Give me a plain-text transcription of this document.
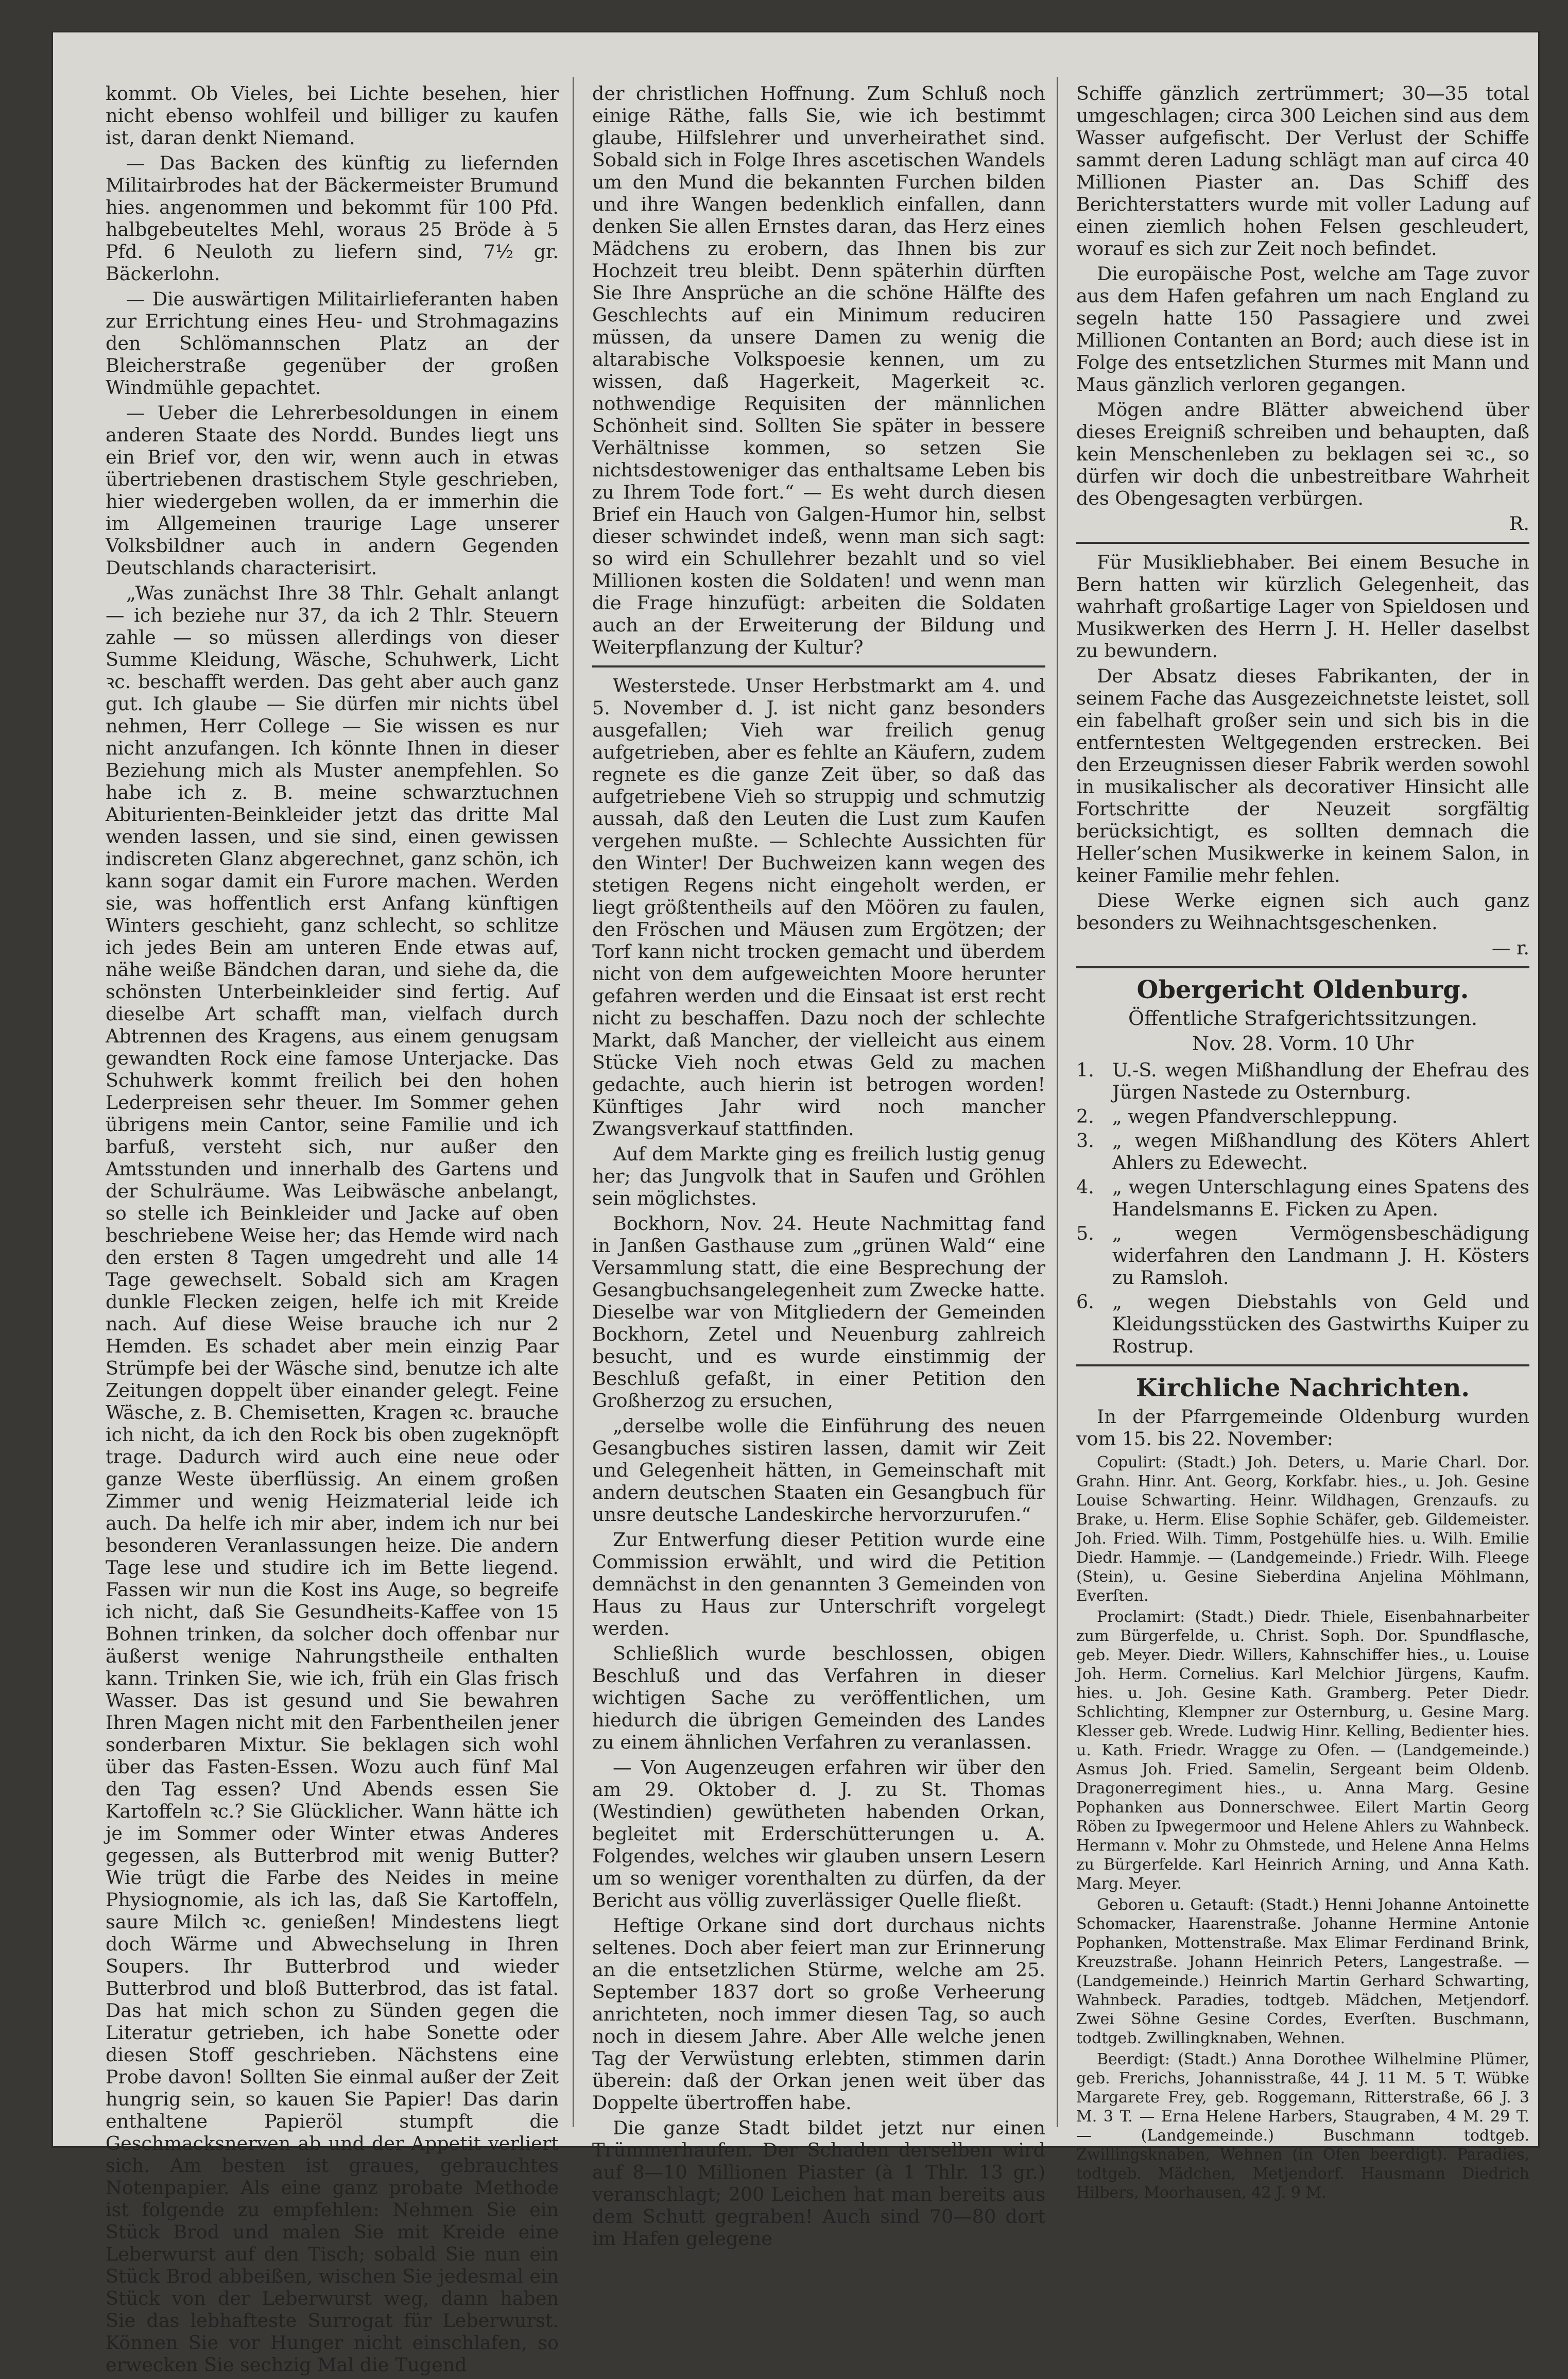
kommt. Ob Vieles, bei Lichte besehen, hier nicht ebenso wohlfeil und billiger zu kaufen ist, daran denkt Niemand.

— Das Backen des künftig zu liefernden Militairbrodes hat der Bäckermeister Brumund hies. angenommen und bekommt für 100 Pfd. halbgebeuteltes Mehl, woraus 25 Bröde à 5 Pfd. 6 Neuloth zu liefern sind, 7½ gr. Bäckerlohn.

— Die auswärtigen Militairlieferanten haben zur Errichtung eines Heu- und Strohmagazins den Schlömannschen Platz an der Bleicherstraße gegenüber der großen Windmühle gepachtet.

— Ueber die Lehrerbesoldungen in einem anderen Staate des Nordd. Bundes liegt uns ein Brief vor, den wir, wenn auch in etwas übertriebenen drastischem Style geschrieben, hier wiedergeben wollen, da er immerhin die im Allgemeinen traurige Lage unserer Volksbildner auch in andern Gegenden Deutschlands characterisirt.

„Was zunächst Ihre 38 Thlr. Gehalt anlangt — ich beziehe nur 37, da ich 2 Thlr. Steuern zahle — so müssen allerdings von dieser Summe Kleidung, Wäsche, Schuhwerk, Licht ꝛc. beschafft werden. Das geht aber auch ganz gut. Ich glaube — Sie dürfen mir nichts übel nehmen, Herr College — Sie wissen es nur nicht anzufangen. Ich könnte Ihnen in dieser Beziehung mich als Muster anempfehlen. So habe ich z. B. meine schwarztuchnen Abiturienten-Beinkleider jetzt das dritte Mal wenden lassen, und sie sind, einen gewissen indiscreten Glanz abgerechnet, ganz schön, ich kann sogar damit ein Furore machen. Werden sie, was hoffentlich erst Anfang künftigen Winters geschieht, ganz schlecht, so schlitze ich jedes Bein am unteren Ende etwas auf, nähe weiße Bändchen daran, und siehe da, die schönsten Unterbeinkleider sind fertig. Auf dieselbe Art schafft man, vielfach durch Abtrennen des Kragens, aus einem genugsam gewandten Rock eine famose Unterjacke. Das Schuhwerk kommt freilich bei den hohen Lederpreisen sehr theuer. Im Sommer gehen übrigens mein Cantor, seine Familie und ich barfuß, versteht sich, nur außer den Amtsstunden und innerhalb des Gartens und der Schulräume. Was Leibwäsche anbelangt, so stelle ich Beinkleider und Jacke auf oben beschriebene Weise her; das Hemde wird nach den ersten 8 Tagen umgedreht und alle 14 Tage gewechselt. Sobald sich am Kragen dunkle Flecken zeigen, helfe ich mit Kreide nach. Auf diese Weise brauche ich nur 2 Hemden. Es schadet aber mein einzig Paar Strümpfe bei der Wäsche sind, benutze ich alte Zeitungen doppelt über einander gelegt. Feine Wäsche, z. B. Chemisetten, Kragen ꝛc. brauche ich nicht, da ich den Rock bis oben zugeknöpft trage. Dadurch wird auch eine neue oder ganze Weste überflüssig. An einem großen Zimmer und wenig Heizmaterial leide ich auch. Da helfe ich mir aber, indem ich nur bei besonderen Veranlassungen heize. Die andern Tage lese und studire ich im Bette liegend. Fassen wir nun die Kost ins Auge, so begreife ich nicht, daß Sie Gesundheits-Kaffee von 15 Bohnen trinken, da solcher doch offenbar nur äußerst wenige Nahrungstheile enthalten kann. Trinken Sie, wie ich, früh ein Glas frisch Wasser. Das ist gesund und Sie bewahren Ihren Magen nicht mit den Farbentheilen jener sonderbaren Mixtur. Sie beklagen sich wohl über das Fasten-Essen. Wozu auch fünf Mal den Tag essen? Und Abends essen Sie Kartoffeln ꝛc.? Sie Glücklicher. Wann hätte ich je im Sommer oder Winter etwas Anderes gegessen, als Butterbrod mit wenig Butter? Wie trügt die Farbe des Neides in meine Physiognomie, als ich las, daß Sie Kartoffeln, saure Milch ꝛc. genießen! Mindestens liegt doch Wärme und Abwechselung in Ihren Soupers. Ihr Butterbrod und wieder Butterbrod und bloß Butterbrod, das ist fatal. Das hat mich schon zu Sünden gegen die Literatur getrieben, ich habe Sonette oder diesen Stoff geschrieben. Nächstens eine Probe davon! Sollten Sie einmal außer der Zeit hungrig sein, so kauen Sie Papier! Das darin enthaltene Papieröl stumpft die Geschmacksnerven ab und der Appetit verliert sich. Am besten ist graues, gebrauchtes Notenpapier. Als eine ganz probate Methode ist folgende zu empfehlen: Nehmen Sie ein Stück Brod und malen Sie mit Kreide eine Leberwurst auf den Tisch; sobald Sie nun ein Stück Brod abbeißen, wischen Sie jedesmal ein Stück von der Leberwurst weg, dann haben Sie das lebhafteste Surrogat für Leberwurst. Können Sie vor Hunger nicht einschlafen, so erwecken Sie sechzig Mal die Tugend

der christlichen Hoffnung. Zum Schluß noch einige Räthe, falls Sie, wie ich bestimmt glaube, Hilfslehrer und unverheirathet sind. Sobald sich in Folge Ihres ascetischen Wandels um den Mund die bekannten Furchen bilden und ihre Wangen bedenklich einfallen, dann denken Sie allen Ernstes daran, das Herz eines Mädchens zu erobern, das Ihnen bis zur Hochzeit treu bleibt. Denn späterhin dürften Sie Ihre Ansprüche an die schöne Hälfte des Geschlechts auf ein Minimum reduciren müssen, da unsere Damen zu wenig die altarabische Volkspoesie kennen, um zu wissen, daß Hagerkeit, Magerkeit ꝛc. nothwendige Requisiten der männlichen Schönheit sind. Sollten Sie später in bessere Verhältnisse kommen, so setzen Sie nichtsdestoweniger das enthaltsame Leben bis zu Ihrem Tode fort.“ — Es weht durch diesen Brief ein Hauch von Galgen-Humor hin, selbst dieser schwindet indeß, wenn man sich sagt: so wird ein Schullehrer bezahlt und so viel Millionen kosten die Soldaten! und wenn man die Frage hinzufügt: arbeiten die Soldaten auch an der Erweiterung der Bildung und Weiterpflanzung der Kultur?

Westerstede. Unser Herbstmarkt am 4. und 5. November d. J. ist nicht ganz besonders ausgefallen; Vieh war freilich genug aufgetrieben, aber es fehlte an Käufern, zudem regnete es die ganze Zeit über, so daß das aufgetriebene Vieh so struppig und schmutzig aussah, daß den Leuten die Lust zum Kaufen vergehen mußte. — Schlechte Aussichten für den Winter! Der Buchweizen kann wegen des stetigen Regens nicht eingeholt werden, er liegt größtentheils auf den Möören zu faulen, den Fröschen und Mäusen zum Ergötzen; der Torf kann nicht trocken gemacht und überdem nicht von dem aufgeweichten Moore herunter gefahren werden und die Einsaat ist erst recht nicht zu beschaffen. Dazu noch der schlechte Markt, daß Mancher, der vielleicht aus einem Stücke Vieh noch etwas Geld zu machen gedachte, auch hierin ist betrogen worden! Künftiges Jahr wird noch mancher Zwangsverkauf stattfinden.

Auf dem Markte ging es freilich lustig genug her; das Jungvolk that in Saufen und Gröhlen sein möglichstes.

Bockhorn, Nov. 24. Heute Nachmittag fand in Janßen Gasthause zum „grünen Wald“ eine Versammlung statt, die eine Besprechung der Gesangbuchsangelegenheit zum Zwecke hatte. Dieselbe war von Mitgliedern der Gemeinden Bockhorn, Zetel und Neuenburg zahlreich besucht, und es wurde einstimmig der Beschluß gefaßt, in einer Petition den Großherzog zu ersuchen,

„derselbe wolle die Einführung des neuen Gesangbuches sistiren lassen, damit wir Zeit und Gelegenheit hätten, in Gemeinschaft mit andern deutschen Staaten ein Gesangbuch für unsre deutsche Landeskirche hervorzurufen.“

Zur Entwerfung dieser Petition wurde eine Commission erwählt, und wird die Petition demnächst in den genannten 3 Gemeinden von Haus zu Haus zur Unterschrift vorgelegt werden.

Schließlich wurde beschlossen, obigen Beschluß und das Verfahren in dieser wichtigen Sache zu veröffentlichen, um hiedurch die übrigen Gemeinden des Landes zu einem ähnlichen Verfahren zu veranlassen.

— Von Augenzeugen erfahren wir über den am 29. Oktober d. J. zu St. Thomas (Westindien) gewütheten habenden Orkan, begleitet mit Erderschütterungen u. A. Folgendes, welches wir glauben unsern Lesern um so weniger vorenthalten zu dürfen, da der Bericht aus völlig zuverlässiger Quelle fließt.

Heftige Orkane sind dort durchaus nichts seltenes. Doch aber feiert man zur Erinnerung an die entsetzlichen Stürme, welche am 25. September 1837 dort so große Verheerung anrichteten, noch immer diesen Tag, so auch noch in diesem Jahre. Aber Alle welche jenen Tag der Verwüstung erlebten, stimmen darin überein: daß der Orkan jenen weit über das Doppelte übertroffen habe.

Die ganze Stadt bildet jetzt nur einen Trümmerhaufen. Der Schaden derselben wird auf 8—10 Millionen Piaster (à 1 Thlr. 13 gr.) veranschlagt; 200 Leichen hat man bereits aus dem Schutt gegraben! Auch sind 70—80 dort im Hafen gelegene

Schiffe gänzlich zertrümmert; 30—35 total umgeschlagen; circa 300 Leichen sind aus dem Wasser aufgefischt. Der Verlust der Schiffe sammt deren Ladung schlägt man auf circa 40 Millionen Piaster an. Das Schiff des Berichterstatters wurde mit voller Ladung auf einen ziemlich hohen Felsen geschleudert, worauf es sich zur Zeit noch befindet.

Die europäische Post, welche am Tage zuvor aus dem Hafen gefahren um nach England zu segeln hatte 150 Passagiere und zwei Millionen Contanten an Bord; auch diese ist in Folge des entsetzlichen Sturmes mit Mann und Maus gänzlich verloren gegangen.

Mögen andre Blätter abweichend über dieses Ereigniß schreiben und behaupten, daß kein Menschenleben zu beklagen sei ꝛc., so dürfen wir doch die unbestreitbare Wahrheit des Obengesagten verbürgen.

R.

Für Musikliebhaber. Bei einem Besuche in Bern hatten wir kürzlich Gelegenheit, das wahrhaft großartige Lager von Spieldosen und Musikwerken des Herrn J. H. Heller daselbst zu bewundern.

Der Absatz dieses Fabrikanten, der in seinem Fache das Ausgezeichnetste leistet, soll ein fabelhaft großer sein und sich bis in die entferntesten Weltgegenden erstrecken. Bei den Erzeugnissen dieser Fabrik werden sowohl in musikalischer als decorativer Hinsicht alle Fortschritte der Neuzeit sorgfältig berücksichtigt, es sollten demnach die Heller’schen Musikwerke in keinem Salon, in keiner Familie mehr fehlen.

Diese Werke eignen sich auch ganz besonders zu Weihnachtsgeschenken.

— r.

Obergericht Oldenburg.

Öffentliche Strafgerichtssitzungen.

Nov. 28. Vorm. 10 Uhr

1. U.-S. wegen Mißhandlung der Ehefrau des Jürgen Nastede zu Osternburg.
2. „ wegen Pfandverschleppung.
3. „ wegen Mißhandlung des Köters Ahlert Ahlers zu Edewecht.
4. „ wegen Unterschlagung eines Spatens des Handelsmanns E. Ficken zu Apen.
5. „ wegen Vermögensbeschädigung widerfahren den Landmann J. H. Kösters zu Ramsloh.
6. „ wegen Diebstahls von Geld und Kleidungsstücken des Gastwirths Kuiper zu Rostrup.
Kirchliche Nachrichten.

In der Pfarrgemeinde Oldenburg wurden vom 15. bis 22. November:

Copulirt: (Stadt.) Joh. Deters, u. Marie Charl. Dor. Grahn. Hinr. Ant. Georg, Korkfabr. hies., u. Joh. Gesine Louise Schwarting. Heinr. Wildhagen, Grenzaufs. zu Brake, u. Herm. Elise Sophie Schäfer, geb. Gildemeister. Joh. Fried. Wilh. Timm, Postgehülfe hies. u. Wilh. Emilie Diedr. Hammje. — (Landgemeinde.) Friedr. Wilh. Fleege (Stein), u. Gesine Sieberdina Anjelina Möhlmann, Everſten.

Proclamirt: (Stadt.) Diedr. Thiele, Eisenbahnarbeiter zum Bürgerfelde, u. Christ. Soph. Dor. Spundflasche, geb. Meyer. Diedr. Willers, Kahnschiffer hies., u. Louise Joh. Herm. Cornelius. Karl Melchior Jürgens, Kaufm. hies. u. Joh. Gesine Kath. Gramberg. Peter Diedr. Schlichting, Klempner zur Osternburg, u. Gesine Marg. Klesser geb. Wrede. Ludwig Hinr. Kelling, Bedienter hies. u. Kath. Friedr. Wragge zu Ofen. — (Landgemeinde.) Asmus Joh. Fried. Samelin, Sergeant beim Oldenb. Dragonerregiment hies., u. Anna Marg. Gesine Pophanken aus Donnerschwee. Eilert Martin Georg Röben zu Ipwegermoor und Helene Ahlers zu Wahnbeck. Hermann v. Mohr zu Ohmstede, und Helene Anna Helms zu Bürgerfelde. Karl Heinrich Arning, und Anna Kath. Marg. Meyer.

Geboren u. Getauft: (Stadt.) Henni Johanne Antoinette Schomacker, Haarenstraße. Johanne Hermine Antonie Pophanken, Mottenstraße. Max Elimar Ferdinand Brink, Kreuzstraße. Johann Heinrich Peters, Langestraße. — (Landgemeinde.) Heinrich Martin Gerhard Schwarting, Wahnbeck. Paradies, todtgeb. Mädchen, Metjendorf. Zwei Söhne Gesine Cordes, Everſten. Buschmann, todtgeb. Zwillingknaben, Wehnen.

Beerdigt: (Stadt.) Anna Dorothee Wilhelmine Plümer, geb. Frerichs, Johannisstraße, 44 J. 11 M. 5 T. Wübke Margarete Frey, geb. Roggemann, Ritterstraße, 66 J. 3 M. 3 T. — Erna Helene Harbers, Staugraben, 4 M. 29 T. — (Landgemeinde.) Buschmann todtgeb. Zwillingsknaben, Wehnen (in Ofen beerdigt). Paradies, todtgeb. Mädchen, Metjendorf. Hausmann Diedrich Hilbers, Moorhausen, 42 J. 9 M.
